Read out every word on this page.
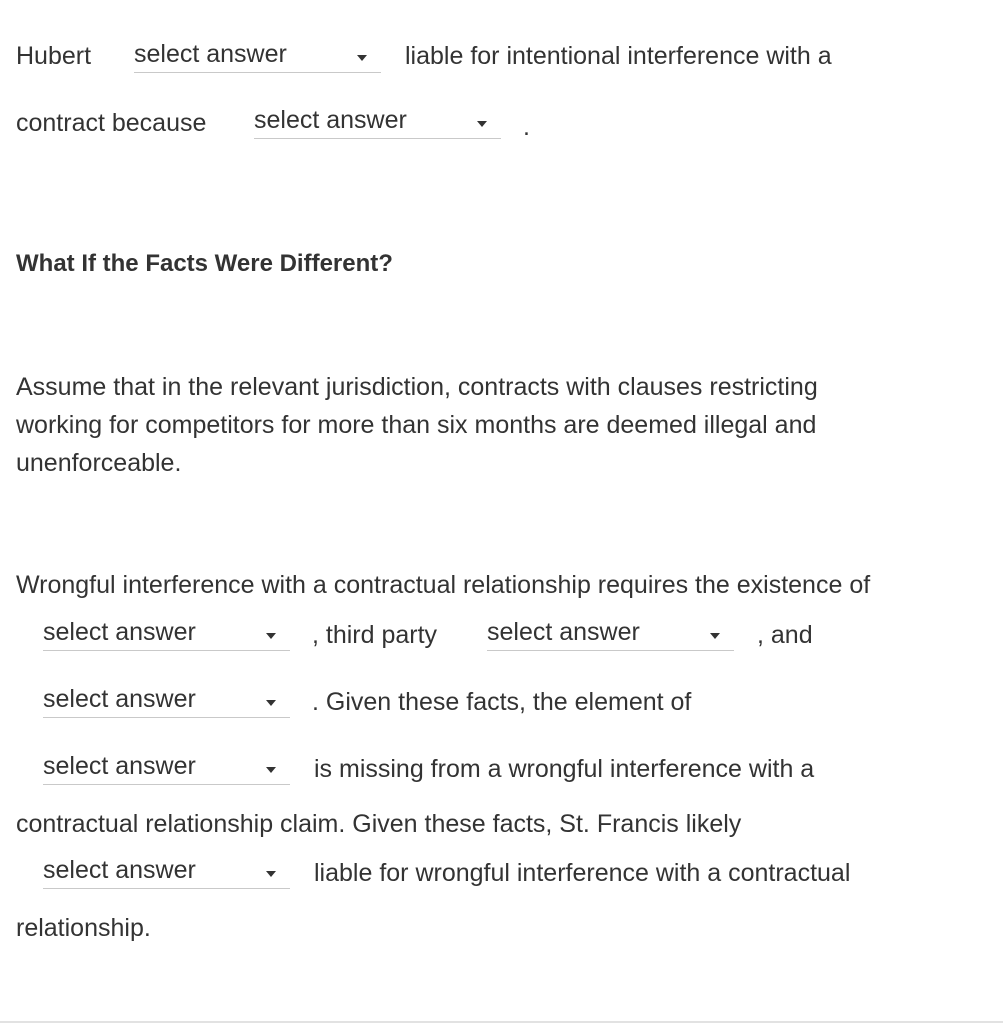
Hubert select answer	liable for intentional interference with a
contract because select answer	.
What If the Facts Were Different?
Assume that in the relevant jurisdiction, contracts with clauses restricting
working for competitors for more than six months are deemed illegal and
unenforceable.
Wrongful interference with a contractual relationship requires the existence of
select answer	, third party select answer	, and
select answer	. Given these facts, the element of
select answer	is missing from a wrongful interference with a
contractual relationship claim. Given these facts, St. Francis likely
select answer	liable for wrongful interference with a contractual
relationship.
